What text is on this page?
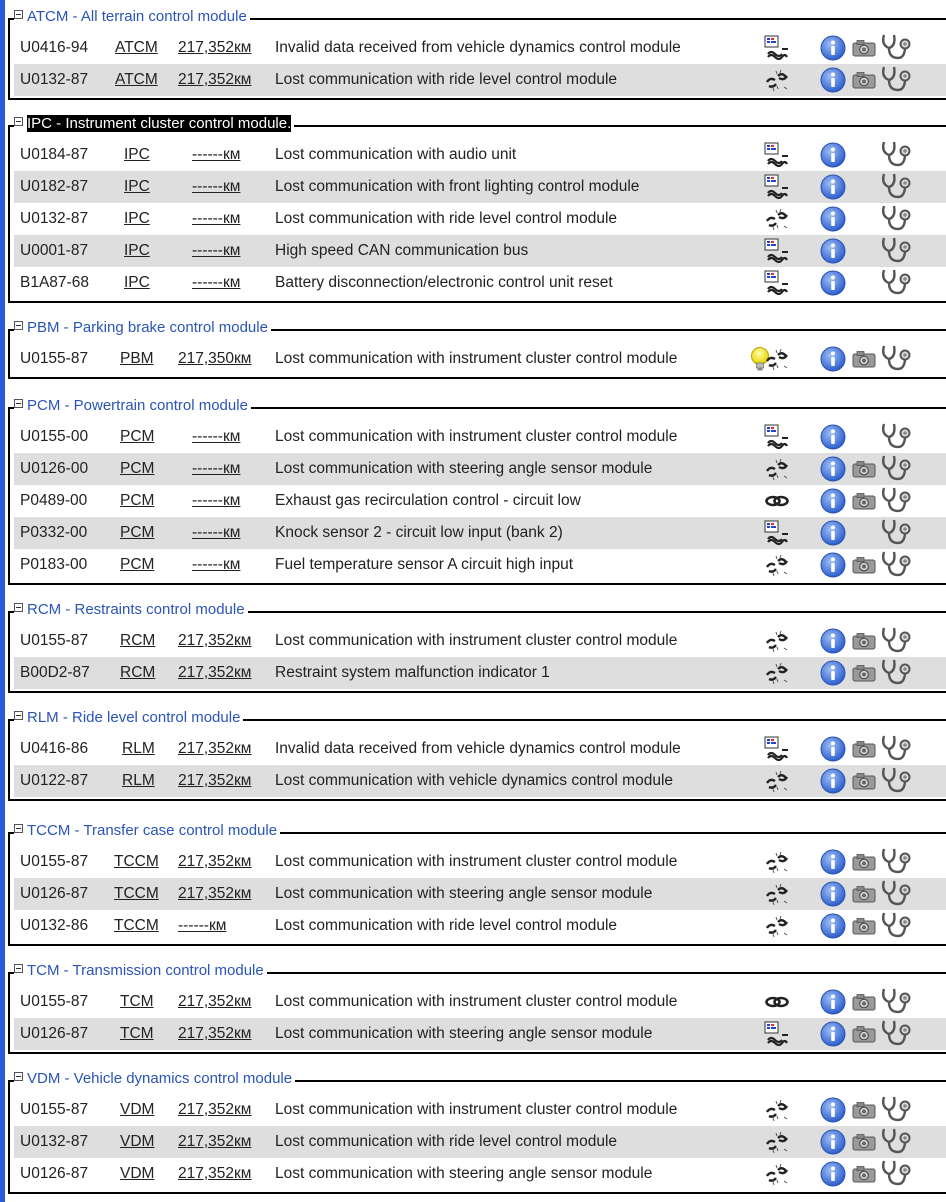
ATCM - All terrain control module
U0416-94 ATCM 217,352км Invalid data received from vehicle dynamics control module
U0132-87 ATCM 217,352км Lost communication with ride level control module
IPC - Instrument cluster control module.
U0184-87 IPC	------км Lost communication with audio unit
U0182-87 IPC	------км Lost communication with front lighting control module
U0132-87 IPC	------км Lost communication with ride level control module
U0001-87 IPC	------км High speed CAN communication bus
B1A87-68 IPC	------км Battery disconnection/electronic control unit reset
PBM - Parking brake control module
U0155-87 PBM 217,350км Lost communication with instrument cluster control module
PCM - Powertrain control module
U0155-00 PCM ------км Lost communication with instrument cluster control module
U0126-00 PCM ------км Lost communication with steering angle sensor module
P0489-00 PCM ------км Exhaust gas recirculation control - circuit low
P0332-00 PCM ------км Knock sensor 2 - circuit low input (bank 2)
P0183-00 PCM ------км Fuel temperature sensor A circuit high input
RCM - Restraints control module
U0155-87 RCM 217,352км Lost communication with instrument cluster control module
B00D2-87 RCM 217,352км Restraint system malfunction indicator 1
RLM - Ride level control module
U0416-86 RLM 217,352км Invalid data received from vehicle dynamics control module
U0122-87 RLM 217,352км Lost communication with vehicle dynamics control module
TCCM - Transfer case control module
U0155-87 TCCM 217,352км Lost communication with instrument cluster control module
U0126-87 TCCM 217,352км Lost communication with steering angle sensor module
U0132-86 TCCM ------км	Lost communication with ride level control module
TCM - Transmission control module
U0155-87 TCM 217,352км Lost communication with instrument cluster control module
U0126-87 TCM 217,352км Lost communication with steering angle sensor module
VDM - Vehicle dynamics control module
U0155-87 VDM 217,352км Lost communication with instrument cluster control module
U0132-87 VDM 217,352км Lost communication with ride level control module
U0126-87 VDM 217,352км Lost communication with steering angle sensor module
